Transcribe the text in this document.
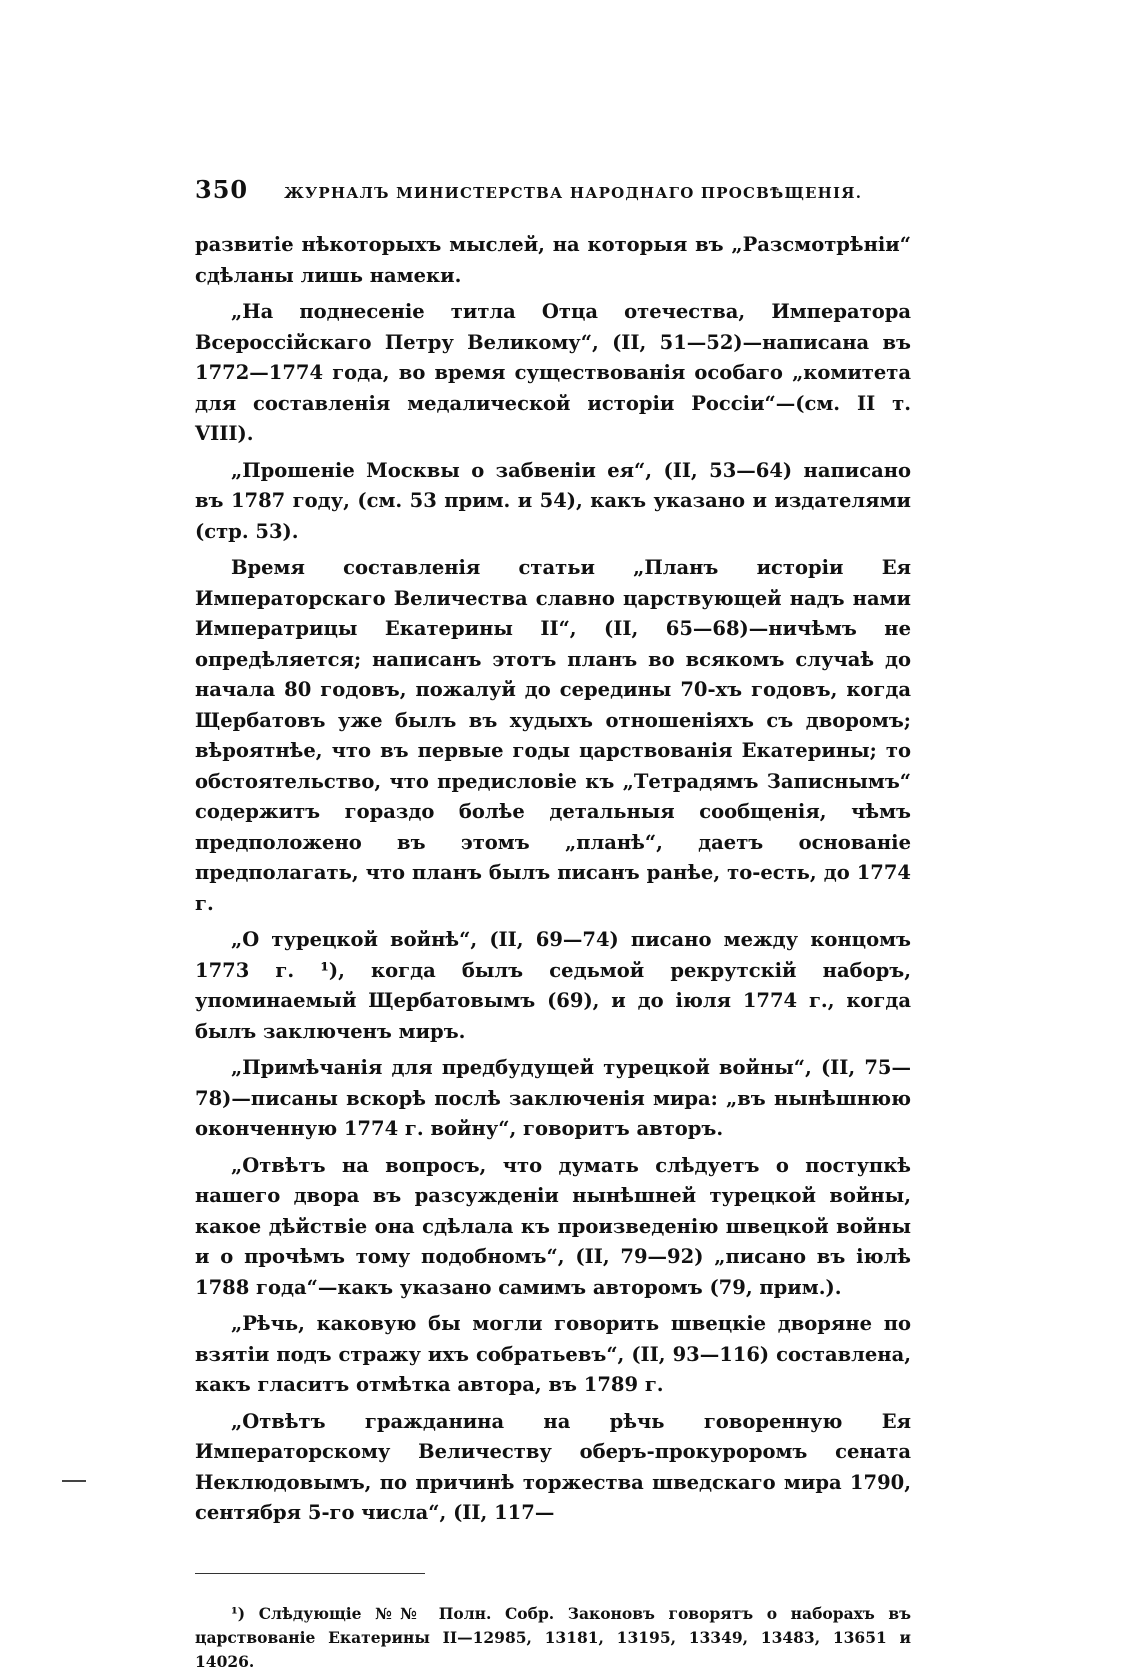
350 ЖУРНАЛЪ МИНИСТЕРСТВА НАРОДНАГО ПРОСВѢЩЕНІЯ.

развитіе нѣкоторыхъ мыслей, на которыя въ „Разсмотрѣніи“ сдѣланы лишь намеки.

„На поднесеніе титла Отца отечества, Императора Всероссійскаго Петру Великому“, (II, 51—52)—написана въ 1772—1774 года, во время существованія особаго „комитета для составленія медалической исторіи Россіи“—(см. II т. VIII).

„Прошеніе Москвы о забвеніи ея“, (II, 53—64) написано въ 1787 году, (см. 53 прим. и 54), какъ указано и издателями (стр. 53).

Время составленія статьи „Планъ исторіи Ея Императорскаго Величества славно царствующей надъ нами Императрицы Екатерины II“, (II, 65—68)—ничѣмъ не опредѣляется; написанъ этотъ планъ во всякомъ случаѣ до начала 80 годовъ, пожалуй до середины 70-хъ годовъ, когда Щербатовъ уже былъ въ худыхъ отношеніяхъ съ дворомъ; вѣроятнѣе, что въ первые годы царствованія Екатерины; то обстоятельство, что предисловіе къ „Тетрадямъ Записнымъ“ содержитъ гораздо болѣе детальныя сообщенія, чѣмъ предположено въ этомъ „планѣ“, даетъ основаніе предполагать, что планъ былъ писанъ ранѣе, то-есть, до 1774 г.

„О турецкой войнѣ“, (II, 69—74) писано между концомъ 1773 г. ¹), когда былъ седьмой рекрутскій наборъ, упоминаемый Щербатовымъ (69), и до іюля 1774 г., когда былъ заключенъ миръ.

„Примѣчанія для предбудущей турецкой войны“, (II, 75—78)—писаны вскорѣ послѣ заключенія мира: „въ нынѣшнюю оконченную 1774 г. войну“, говоритъ авторъ.

„Отвѣтъ на вопросъ, что думать слѣдуетъ о поступкѣ нашего двора въ разсужденіи нынѣшней турецкой войны, какое дѣйствіе она сдѣлала къ произведенію швецкой войны и о прочѣмъ тому подобномъ“, (II, 79—92) „писано въ іюлѣ 1788 года“—какъ указано самимъ авторомъ (79, прим.).

„Рѣчь, каковую бы могли говорить швецкіе дворяне по взятіи подъ стражу ихъ собратьевъ“, (II, 93—116) составлена, какъ гласитъ отмѣтка автора, въ 1789 г.

„Отвѣтъ гражданина на рѣчь говоренную Ея Императорскому Величеству оберъ-прокуроромъ сената Неклюдовымъ, по причинѣ торжества шведскаго мира 1790, сентября 5-го числа“, (II, 117—

¹) Слѣдующіе №№ Полн. Собр. Законовъ говорятъ о наборахъ въ царствованіе Екатерины II—12985, 13181, 13195, 13349, 13483, 13651 и 14026.
